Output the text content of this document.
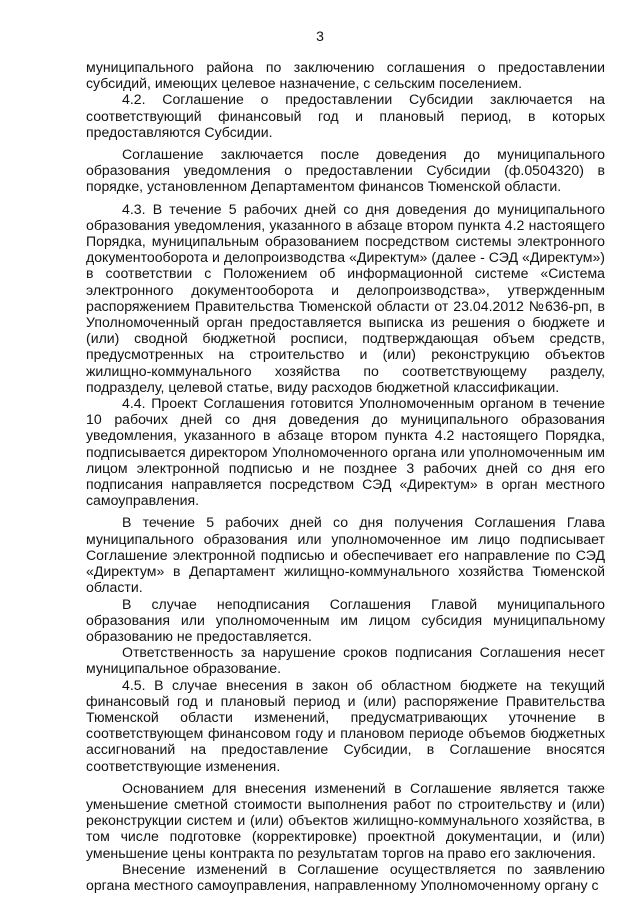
3

муниципального района по заключению соглашения о предоставлении субсидий, имеющих целевое назначение, с сельским поселением.

4.2. Соглашение о предоставлении Субсидии заключается на соответствующий финансовый год и плановый период, в которых предоставляются Субсидии.

Соглашение заключается после доведения до муниципального образования уведомления о предоставлении Субсидии (ф.0504320) в порядке, установленном Департаментом финансов Тюменской области.

4.3. В течение 5 рабочих дней со дня доведения до муниципального образования уведомления, указанного в абзаце втором пункта 4.2 настоящего Порядка, муниципальным образованием посредством системы электронного документооборота и делопроизводства «Директум» (далее - СЭД «Директум») в соответствии с Положением об информационной системе «Система электронного документооборота и делопроизводства», утвержденным распоряжением Правительства Тюменской области от 23.04.2012 №636-рп, в Уполномоченный орган предоставляется выписка из решения о бюджете и (или) сводной бюджетной росписи, подтверждающая объем средств, предусмотренных на строительство и (или) реконструкцию объектов жилищно-коммунального хозяйства по соответствующему разделу, подразделу, целевой статье, виду расходов бюджетной классификации.

4.4. Проект Соглашения готовится Уполномоченным органом в течение 10 рабочих дней со дня доведения до муниципального образования уведомления, указанного в абзаце втором пункта 4.2 настоящего Порядка, подписывается директором Уполномоченного органа или уполномоченным им лицом электронной подписью и не позднее 3 рабочих дней со дня его подписания направляется посредством СЭД «Директум» в орган местного самоуправления.

В течение 5 рабочих дней со дня получения Соглашения Глава муниципального образования или уполномоченное им лицо подписывает Соглашение электронной подписью и обеспечивает его направление по СЭД «Директум» в Департамент жилищно-коммунального хозяйства Тюменской области.

В случае неподписания Соглашения Главой муниципального образования или уполномоченным им лицом субсидия муниципальному образованию не предоставляется.

Ответственность за нарушение сроков подписания Соглашения несет муниципальное образование.

4.5. В случае внесения в закон об областном бюджете на текущий финансовый год и плановый период и (или) распоряжение Правительства Тюменской области изменений, предусматривающих уточнение в соответствующем финансовом году и плановом периоде объемов бюджетных ассигнований на предоставление Субсидии, в Соглашение вносятся соответствующие изменения.

Основанием для внесения изменений в Соглашение является также уменьшение сметной стоимости выполнения работ по строительству и (или) реконструкции систем и (или) объектов жилищно-коммунального хозяйства, в том числе подготовке (корректировке) проектной документации, и (или) уменьшение цены контракта по результатам торгов на право его заключения.

Внесение изменений в Соглашение осуществляется по заявлению органа местного самоуправления, направленному Уполномоченному органу с
